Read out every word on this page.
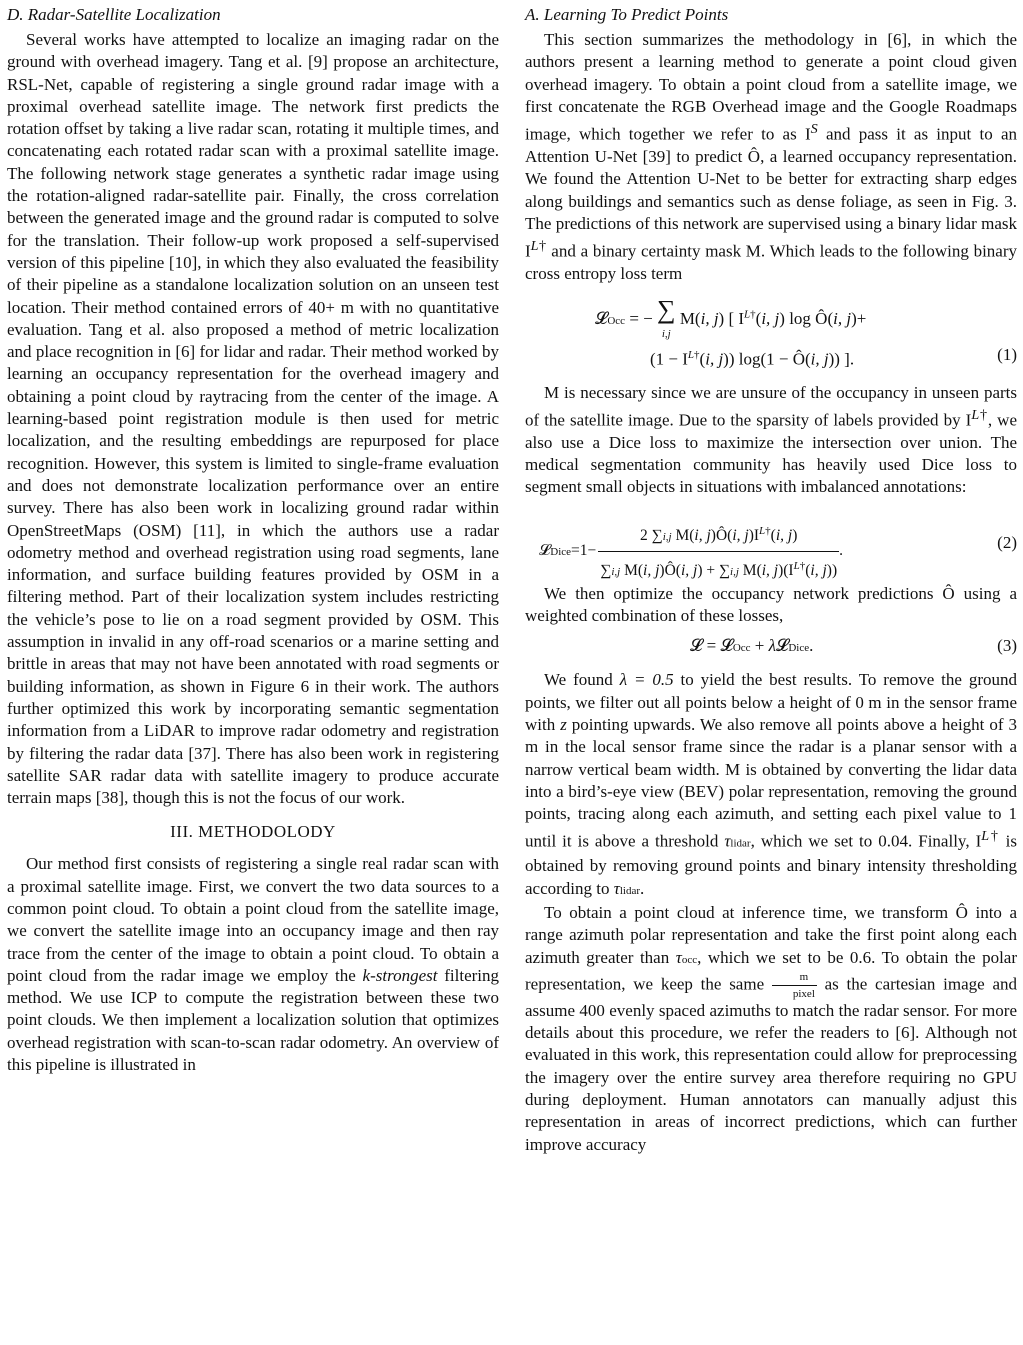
D. Radar-Satellite Localization

Several works have attempted to localize an imaging radar on the ground with overhead imagery. Tang et al. [9] propose an architecture, RSL-Net, capable of registering a single ground radar image with a proximal overhead satellite image. The network first predicts the rotation offset by taking a live radar scan, rotating it multiple times, and concatenating each rotated radar scan with a proximal satellite image. The following network stage generates a synthetic radar image using the rotation-aligned radar-satellite pair. Finally, the cross correlation between the generated image and the ground radar is computed to solve for the translation. Their follow-up work proposed a self-supervised version of this pipeline [10], in which they also evaluated the feasibility of their pipeline as a standalone localization solution on an unseen test location. Their method contained errors of 40+ m with no quantitative evaluation. Tang et al. also proposed a method of metric localization and place recognition in [6] for lidar and radar. Their method worked by learning an occupancy representation for the overhead imagery and obtaining a point cloud by raytracing from the center of the image. A learning-based point registration module is then used for metric localization, and the resulting embeddings are repurposed for place recognition. However, this system is limited to single-frame evaluation and does not demonstrate localization performance over an entire survey. There has also been work in localizing ground radar within OpenStreetMaps (OSM) [11], in which the authors use a radar odometry method and overhead registration using road segments, lane information, and surface building features provided by OSM in a filtering method. Part of their localization system includes restricting the vehicle’s pose to lie on a road segment provided by OSM. This assumption in invalid in any off-road scenarios or a marine setting and brittle in areas that may not have been annotated with road segments or building information, as shown in Figure 6 in their work. The authors further optimized this work by incorporating semantic segmentation information from a LiDAR to improve radar odometry and registration by filtering the radar data [37]. There has also been work in registering satellite SAR radar data with satellite imagery to produce accurate terrain maps [38], though this is not the focus of our work.

III. METHODOLODY

Our method first consists of registering a single real radar scan with a proximal satellite image. First, we convert the two data sources to a common point cloud. To obtain a point cloud from the satellite image, we convert the satellite image into an occupancy image and then ray trace from the center of the image to obtain a point cloud. To obtain a point cloud from the radar image we employ the k-strongest filtering method. We use ICP to compute the registration between these two point clouds. We then implement a localization solution that optimizes overhead registration with scan-to-scan radar odometry. An overview of this pipeline is illustrated in

A. Learning To Predict Points

This section summarizes the methodology in [6], in which the authors present a learning method to generate a point cloud given overhead imagery. To obtain a point cloud from a satellite image, we first concatenate the RGB Overhead image and the Google Roadmaps image, which together we refer to as $I^S$ and pass it as input to an Attention U-Net [39] to predict Ô, a learned occupancy representation. We found the Attention U-Net to be better for extracting sharp edges along buildings and semantics such as dense foliage, as seen in Fig. 3. The predictions of this network are supervised using a binary lidar mask $I^{L\dagger}$ and a binary certainty mask M. Which leads to the following binary cross entropy loss term

𝓛Occ = − ∑
i,j M(i, j) [ $I^{L\dagger}(i$, j) log Ô(i, j)+
($1 - I^{L\dagger}(i$, j)) log(1 − Ô(i, j)) ].	(1)

M is necessary since we are unsure of the occupancy in unseen parts of the satellite image. Due to the sparsity of labels provided by $I^{L\dagger}$, we also use a Dice loss to maximize the intersection over union. The medical segmentation community has heavily used Dice loss to segment small objects in situations with imbalanced annotations:

𝓛Dice=1− $\frac{2 \sum i,j M(i, j)Ô(i, j)I^{L\dagger}(i, j)}{\sum i,j M(i, j)Ô(i, j) + \sum i,j M(i, j)(I^{L\dagger}(i, j))}$ .	(2)

We then optimize the occupancy network predictions Ô using a weighted combination of these losses,

𝓛 = 𝓛Occ + λ𝓛Dice.	(3)

We found λ = 0.5 to yield the best results. To remove the ground points, we filter out all points below a height of 0 m in the sensor frame with z pointing upwards. We also remove all points above a height of 3 m in the local sensor frame since the radar is a planar sensor with a narrow vertical beam width. M is obtained by converting the lidar data into a bird’s-eye view (BEV) polar representation, removing the ground points, tracing along each azimuth, and setting each pixel value to 1 until it is above a threshold τlidar, which we set to 0.04. Finally, $I^{L\dagger}$ is obtained by removing ground points and binary intensity thresholding according to τlidar.

To obtain a point cloud at inference time, we transform Ô into a range azimuth polar representation and take the first point along each azimuth greater than τocc, which we set to be 0.6. To obtain the polar representation, we keep the same $\frac{m}{\text{pixel}}$ as the cartesian image and assume 400 evenly spaced azimuths to match the radar sensor. For more details about this procedure, we refer the readers to [6]. Although not evaluated in this work, this representation could allow for preprocessing the imagery over the entire survey area therefore requiring no GPU during deployment. Human annotators can manually adjust this representation in areas of incorrect predictions, which can further improve accuracy
